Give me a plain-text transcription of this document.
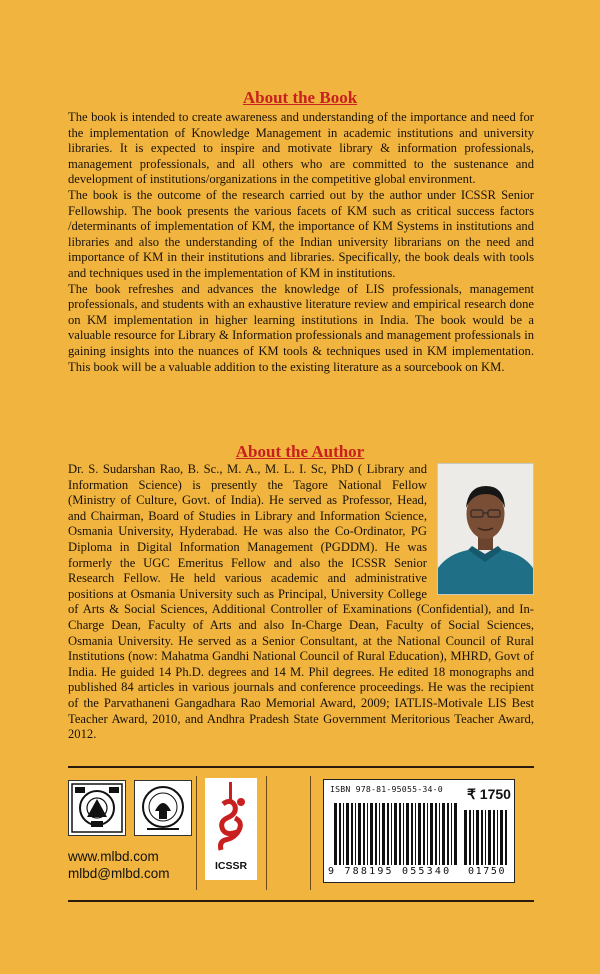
About the Book

The book is intended to create awareness and understanding of the importance and need for the implementation of Knowledge Management in academic institutions and university libraries. It is expected to inspire and motivate library & information professionals, management professionals, and all others who are committed to the sustenance and development of institutions/organizations in the competitive global environment.

The book is the outcome of the research carried out by the author under ICSSR Senior Fellowship. The book presents the various facets of KM such as critical success factors /determinants of implementation of KM, the importance of KM Systems in institutions and libraries and also the understanding of the Indian university librarians on the need and importance of KM in their institutions and libraries. Specifically, the book deals with tools and techniques used in the implementation of KM in institutions.

The book refreshes and advances the knowledge of LIS professionals, management professionals, and students with an exhaustive literature review and empirical research done on KM implementation in higher learning institutions in India. The book would be a valuable resource for Library & Information professionals and management professionals in gaining insights into the nuances of KM tools & techniques used in KM implementation. This book will be a valuable addition to the existing literature as a sourcebook on KM.

About the Author
Dr. S. Sudarshan Rao, B. Sc., M. A., M. L. I. Sc, PhD ( Library and Information Science) is presently the Tagore National Fellow (Ministry of Culture, Govt. of India). He served as Professor, Head, and Chairman, Board of Studies in Library and Information Science, Osmania University, Hyderabad. He was also the Co-Ordinator, PG Diploma in Digital Information Management (PGDDM). He was formerly the UGC Emeritus Fellow and also the ICSSR Senior Research Fellow. He held various academic and administrative positions at Osmania University such as Principal, University College of Arts & Social Sciences, Additional Controller of Examinations (Confidential), and In-Charge Dean, Faculty of Arts and also In-Charge Dean, Faculty of Social Sciences, Osmania University. He served as a Senior Consultant, at the National Council of Rural Institutions (now: Mahatma Gandhi National Council of Rural Education), MHRD, Govt of India. He guided 14 Ph.D. degrees and 14 M. Phil degrees. He edited 18 monographs and published 84 articles in various journals and conference proceedings. He was the recipient of the Parvathaneni Gangadhara Rao Memorial Award, 2009; IATLIS-Motivale LIS Best Teacher Award, 2010, and Andhra Pradesh State Government Meritorious Teacher Award, 2012.
www.mlbd.com
mlbd@mlbd.com	ICSSR
ISBN 978-81-95055-34-0 ₹ 1750
9 788195 055340 01750
